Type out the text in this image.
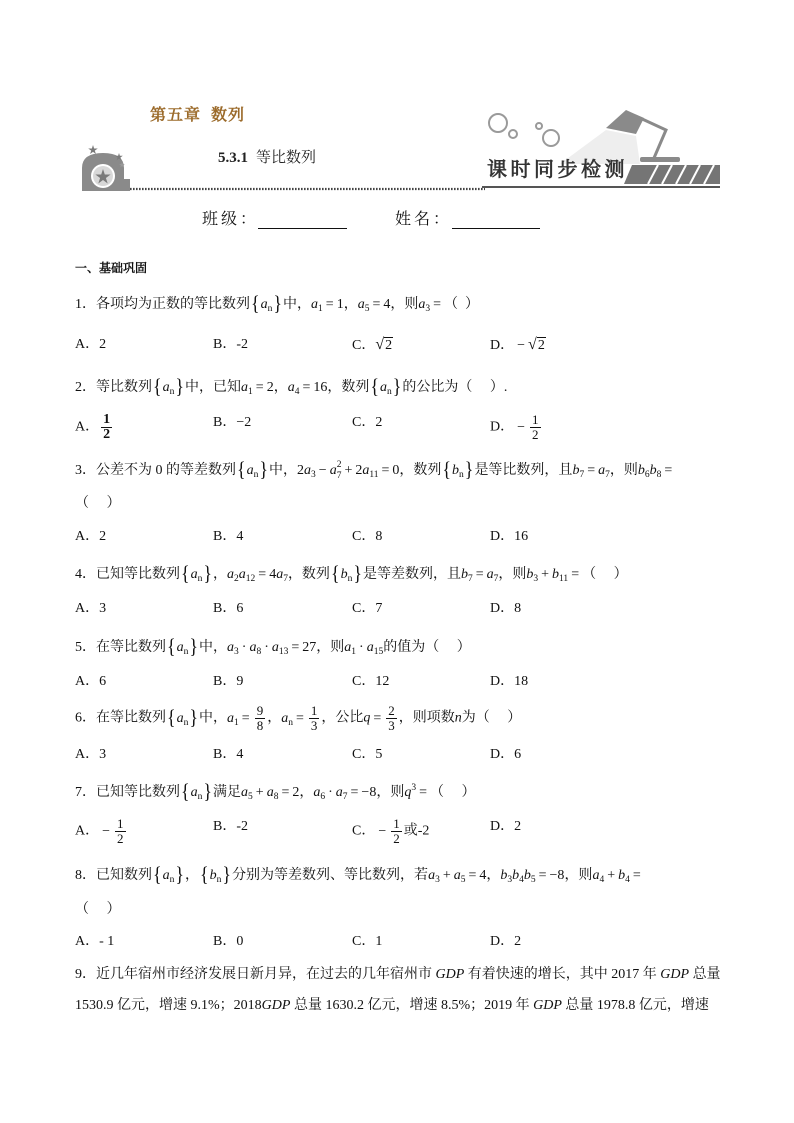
第五章  数列
5.3.1 等比数列
课时同步检测
班级：	姓名：
一、基础巩固
1．各项均为正数的等比数列$\{a_n\}$中，$a_1 = 1$，$a_5 = 4$，则$a_3$ = （  ）
A．2	B．-2	C． √ 2	D． − √ 2
2．等比数列$\{a_n\}$中，已知$a_1 = 2$，$a_4 = 16$，数列$\{a_n\}$的公比为（     ）.
A． $\frac{1}{2}$	B．−2	C．2	D． − $\frac{1}{2}$
3．公差不为 0 的等差数列$\{a_n\}$中，$2a_3 - a$ 2
$7 + 2a_{11} = 0$，数列$\{b_n\}$是等比数列，且$b_7 = a_7$，则$b_6b_8$ =
（     ）
A．2	B．4	C．8	D．16
4．已知等比数列$\{a_n\}$，$a_2a_{12} = 4a_7$，数列$\{b_n\}$是等差数列，且$b_7 = a_7$，则$b_3 + b_{11}$ = （     ）
A．3	B．6	C．7	D．8
5．在等比数列$\{a_n\}$中，$a_3 \cdot a_8 \cdot a_{13} = 27$，则$a_1 \cdot a_{15}$的值为（     ）
A．6	B．9	C．12	D．18
6．在等比数列$\{a_n\}$中，$a_1 = \frac{9}{8}$ ，$a_n = \frac{1}{3}$ ，公比$q = \frac{2}{3}$ ，则项数n为（     ）
A．3	B．4	C．5	D．6
7．已知等比数列$\{a_n\}$满足$a_5 + a_8 = 2$，$a_6 \cdot a_7 = -8$，则$q^3$ = （     ）
A． − $\frac{1}{2}$	B．-2	C． − $\frac{1}{2}$ 或-2	D．2
8．已知数列$\{a_n\}$，$\{b_n\}$分别为等差数列、等比数列，若$a_3 + a_5 = 4$，$b_3b_4b_5 = -8$，则$a_4 + b_4$ =
（     ）
A．- 1	B．0	C．1	D．2
9．近几年宿州市经济发展日新月异，在过去的几年宿州市 GDP 有着快速的增长，其中 2017 年 GDP 总量
1530.9 亿元，增速 9.1%；2018GDP 总量 1630.2 亿元，增速 8.5%；2019 年 GDP 总量 1978.8 亿元，增速
